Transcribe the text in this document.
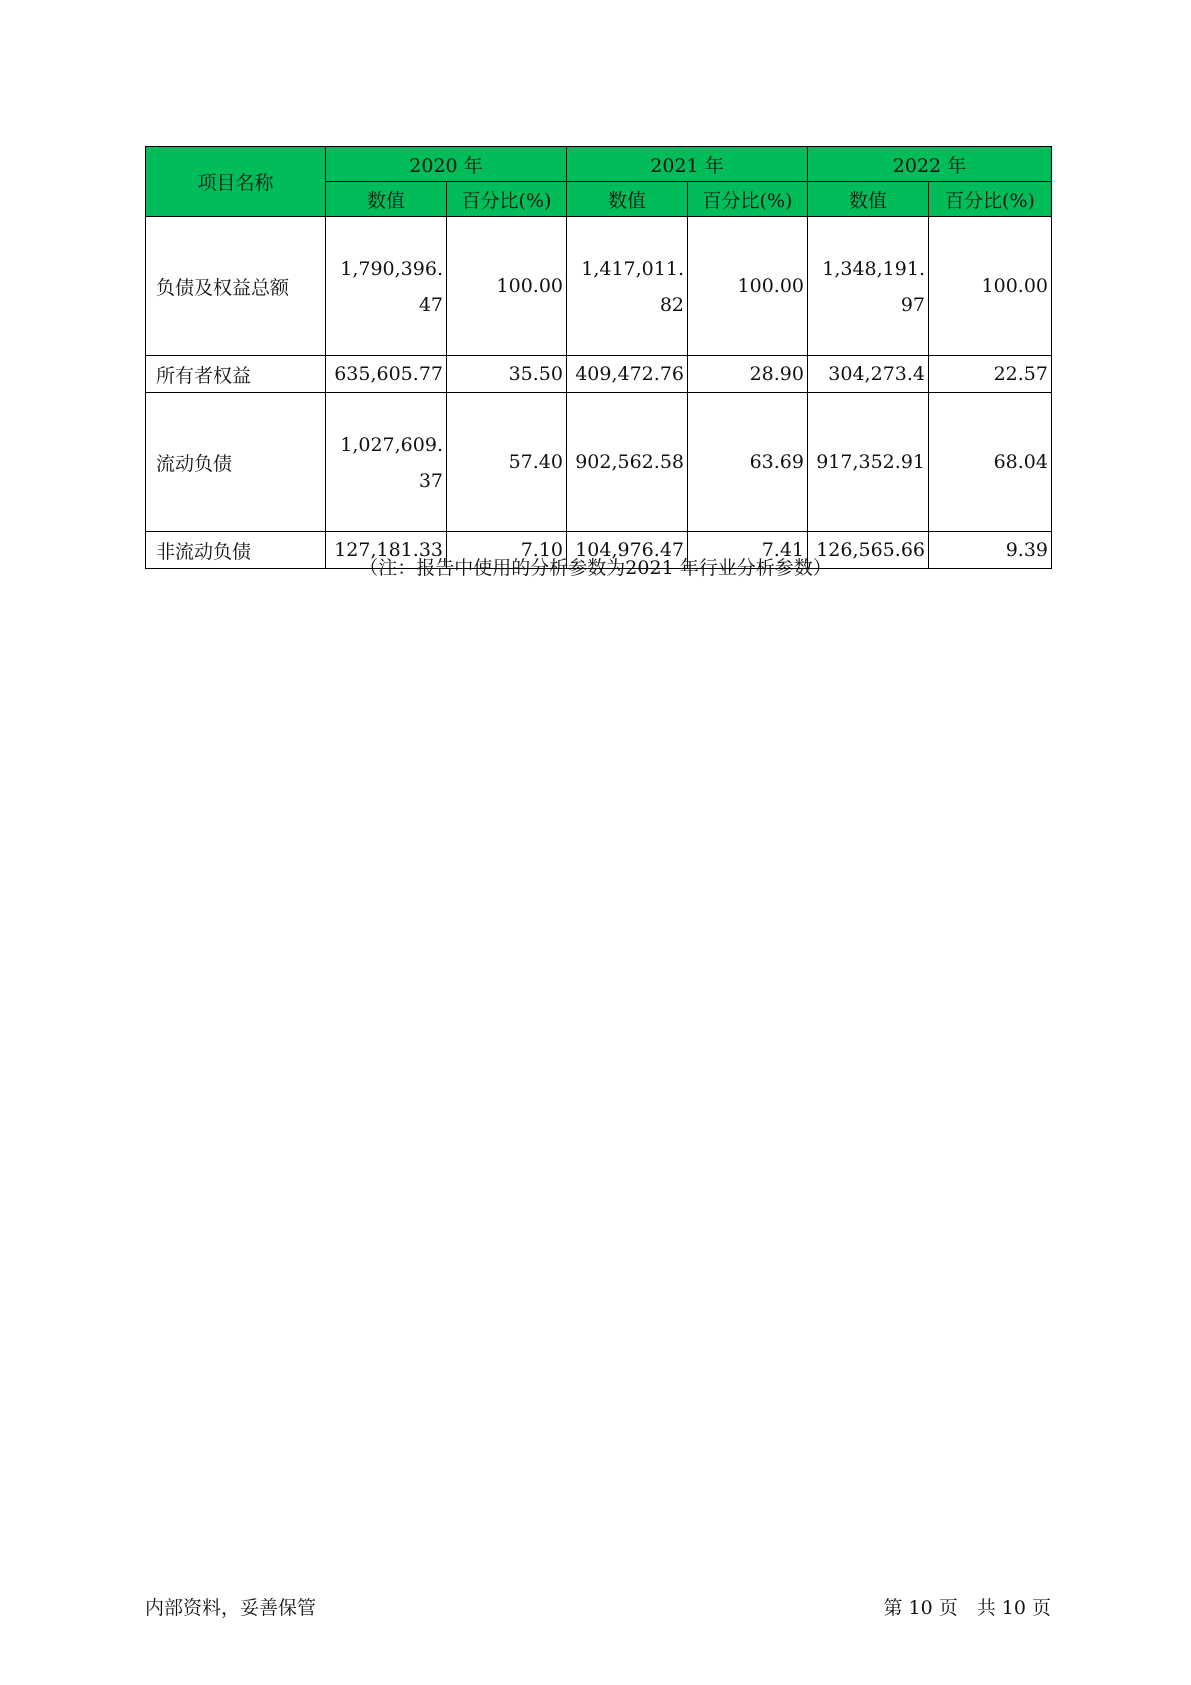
项目名称	2020 年		2021 年		2022 年	
	数值	百分比(%)	数值	百分比(%)	数值	百分比(%)
负债及权益总额	1,790,396.47	100.00	1,417,011.82	100.00	1,348,191.97	100.00
所有者权益	635,605.77	35.50	409,472.76	28.90	304,273.4	22.57
流动负债	1,027,609.37	57.40	902,562.58	63.69	917,352.91	68.04
非流动负债	127,181.33	7.10	104,976.47	7.41	126,565.66	9.39
（注：报告中使用的分析参数为2021 年行业分析参数）
内部资料，妥善保管	第 10 页　共 10 页
